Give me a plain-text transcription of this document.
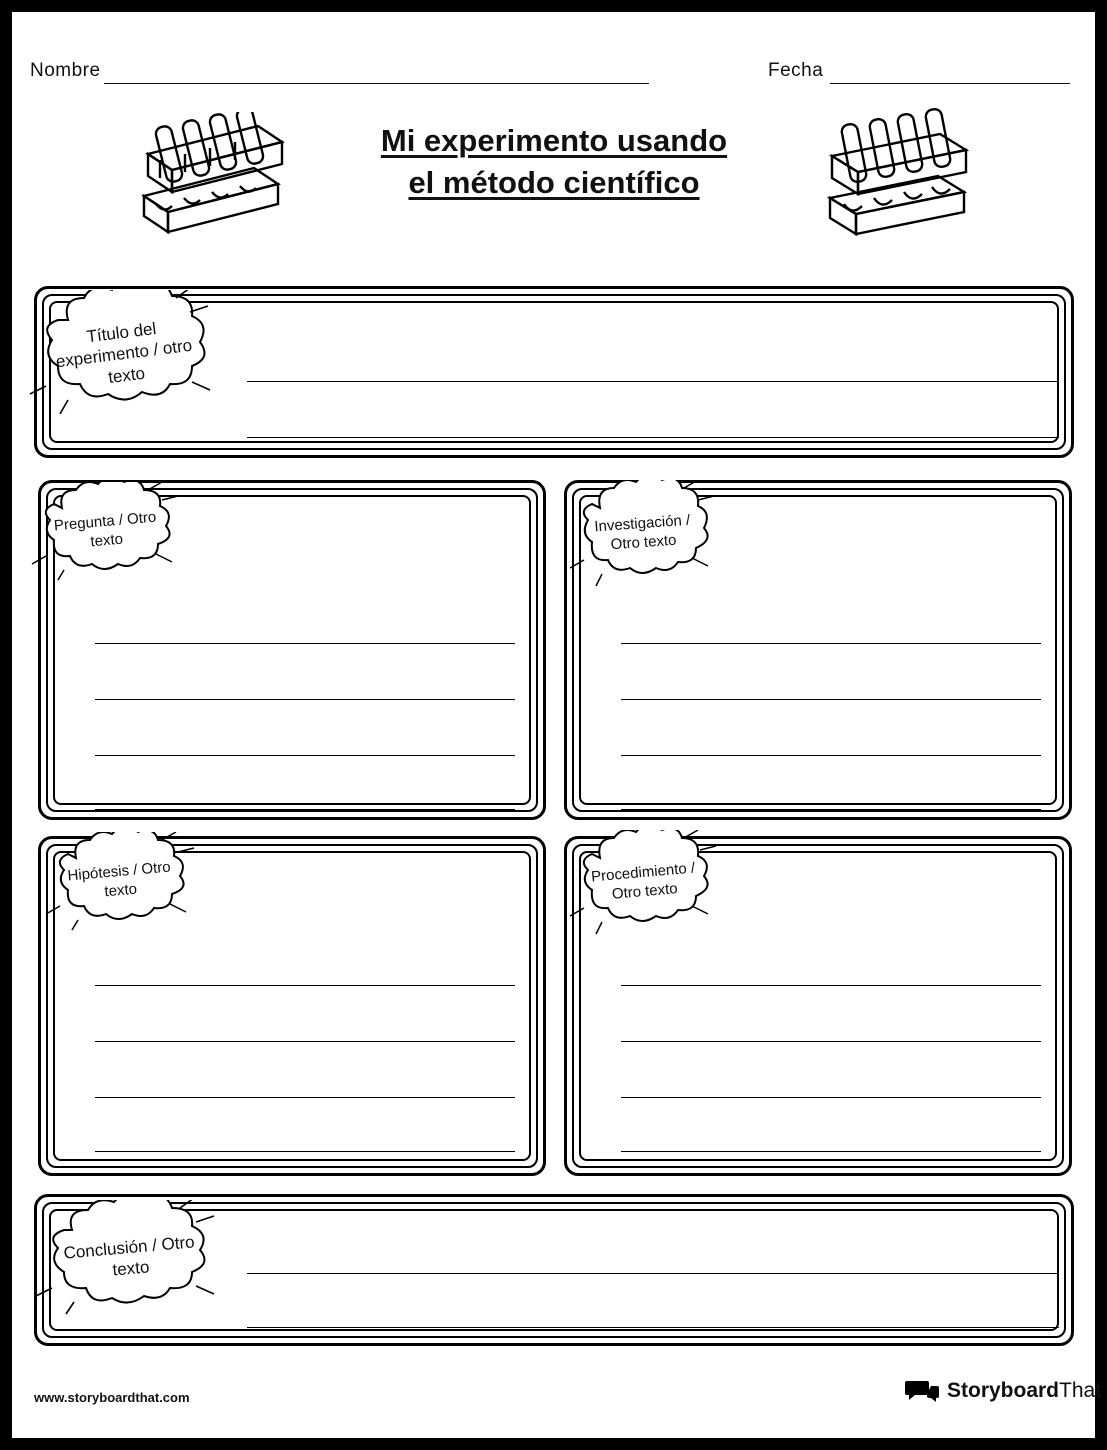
Nombre	Fecha
Mi experimento usando
el método científico
Título del experimento / otro texto
Pregunta / Otro texto
Investigación / Otro texto
Hipótesis / Otro texto
Procedimiento / Otro texto
Conclusión / Otro texto
www.storyboardthat.com	StoryboardThat
